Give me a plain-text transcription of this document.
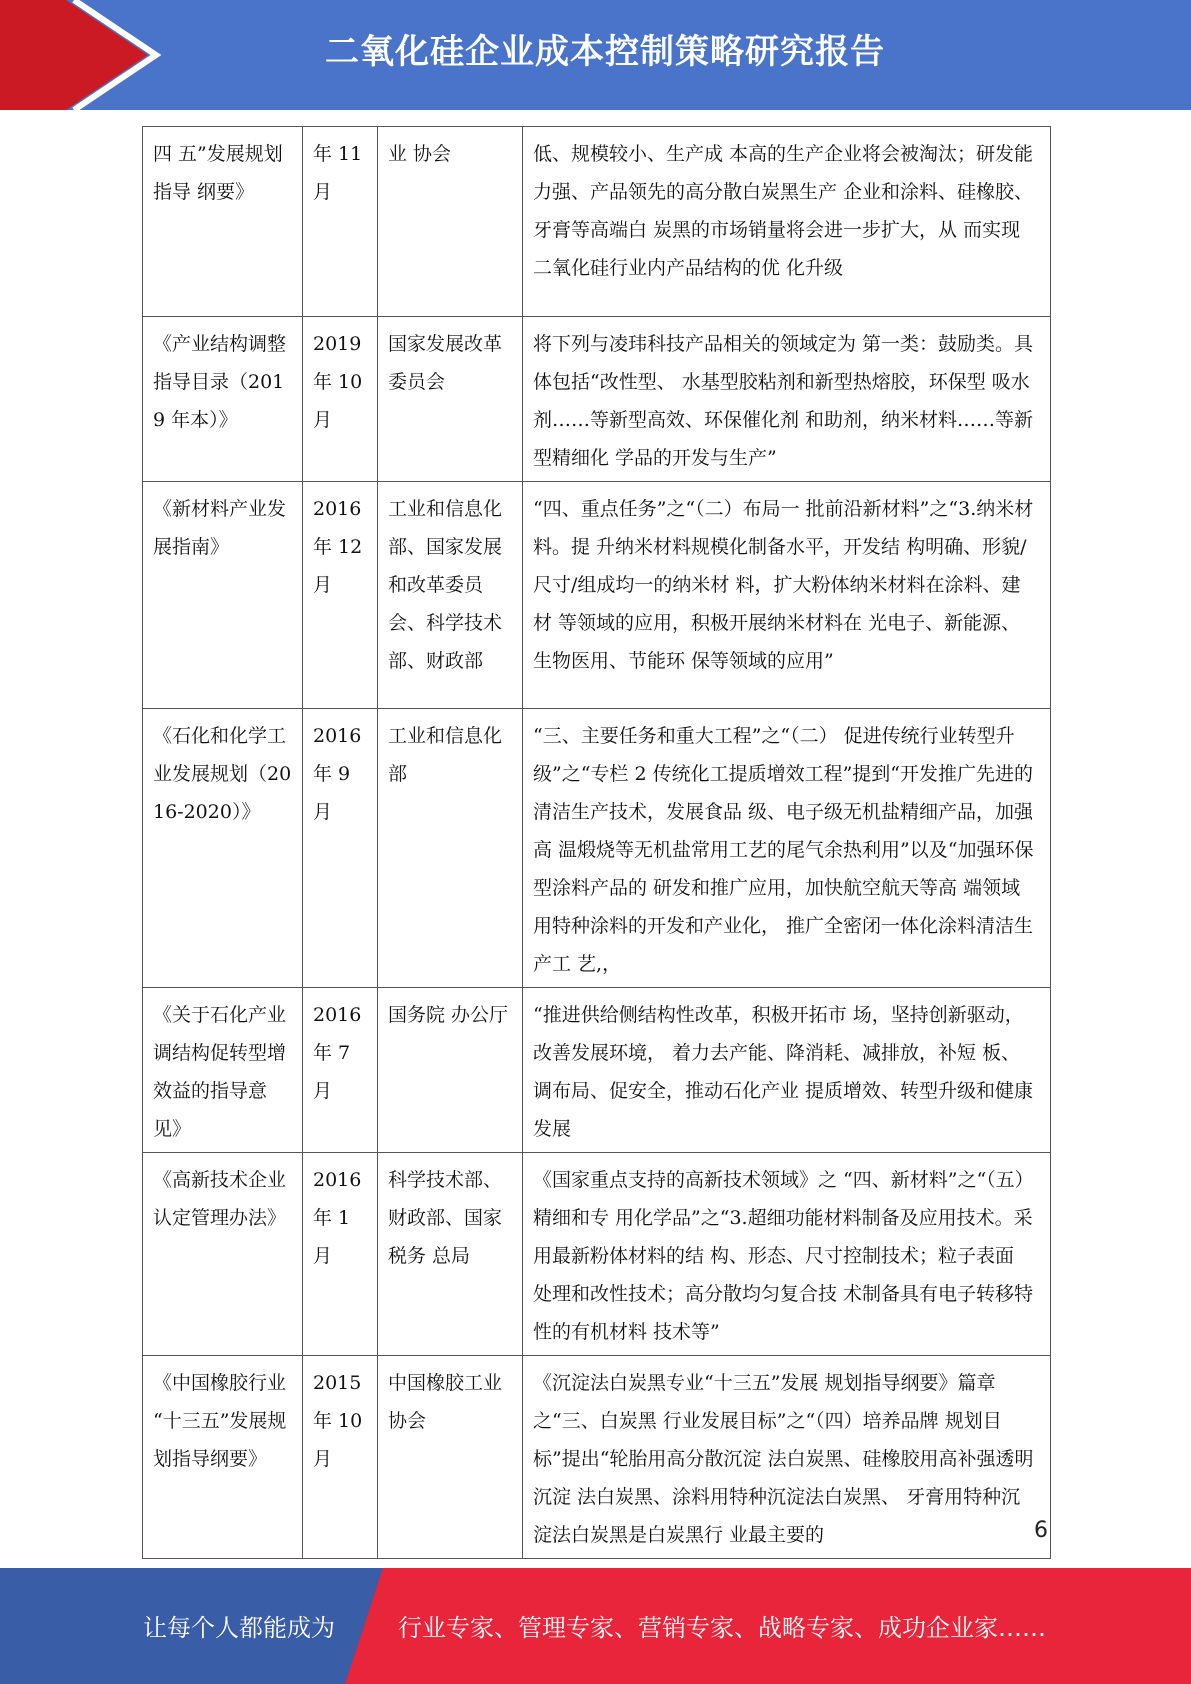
二氧化硅企业成本控制策略研究报告
四 五”发展规划指导 纲要》	年 11 月	业 协会	低、规模较小、生产成 本高的生产企业将会被淘汰；研发能 力强、产品领先的高分散白炭黑生产 企业和涂料、硅橡胶、牙膏等高端白 炭黑的市场销量将会进一步扩大，从 而实现二氧化硅行业内产品结构的优 化升级
《产业结构调整 指导目录（2019 年本）》	2019 年 10 月	国家发展改革 委员会	将下列与凌玮科技产品相关的领域定为 第一类：鼓励类。具体包括“改性型、 水基型胶粘剂和新型热熔胶，环保型 吸水剂……等新型高效、环保催化剂 和助剂，纳米材料……等新型精细化 学品的开发与生产”
《新材料产业发 展指南》	2016 年 12 月	工业和信息化 部、国家发展 和改革委员 会、科学技术 部、财政部	“四、重点任务”之“（二）布局一 批前沿新材料”之“3.纳米材料。提 升纳米材料规模化制备水平，开发结 构明确、形貌/尺寸/组成均一的纳米材 料，扩大粉体纳米材料在涂料、建材 等领域的应用，积极开展纳米材料在 光电子、新能源、生物医用、节能环 保等领域的应用”
《石化和化学工 业发展规划（2016-2020）》	2016 年 9 月	工业和信息化 部	“三、主要任务和重大工程”之“（二） 促进传统行业转型升级”之“专栏 2 传统化工提质增效工程”提到“开发推广先进的清洁生产技术，发展食品 级、电子级无机盐精细产品，加强高 温煅烧等无机盐常用工艺的尾气余热利用”以及“加强环保型涂料产品的 研发和推广应用，加快航空航天等高 端领域用特种涂料的开发和产业化， 推广全密闭一体化涂料清洁生产工 艺,，
《关于石化产业 调结构促转型增 效益的指导意见》	2016 年 7 月	国务院 办公厅	“推进供给侧结构性改革，积极开拓市 场，坚持创新驱动，改善发展环境， 着力去产能、降消耗、减排放，补短 板、调布局、促安全，推动石化产业 提质增效、转型升级和健康发展
《高新技术企业 认定管理办法》	2016 年 1 月	科学技术部、 财政部、国家 税务 总局	《国家重点支持的高新技术领域》之 “四、新材料”之“（五）精细和专 用化学品”之“3.超细功能材料制备及应用技术。采用最新粉体材料的结 构、形态、尺寸控制技术；粒子表面 处理和改性技术；高分散均匀复合技 术制备具有电子转移特性的有机材料 技术等”
《中国橡胶行业 “十三五”发展规划指导纲要》	2015 年 10 月	中国橡胶工业 协会	《沉淀法白炭黑专业“十三五”发展 规划指导纲要》篇章之“三、白炭黑 行业发展目标”之“（四）培养品牌 规划目标”提出“轮胎用高分散沉淀 法白炭黑、硅橡胶用高补强透明沉淀 法白炭黑、涂料用特种沉淀法白炭黑、 牙膏用特种沉淀法白炭黑是白炭黑行 业最主要的	6
让每个人都能成为	行业专家、管理专家、营销专家、战略专家、成功企业家……
